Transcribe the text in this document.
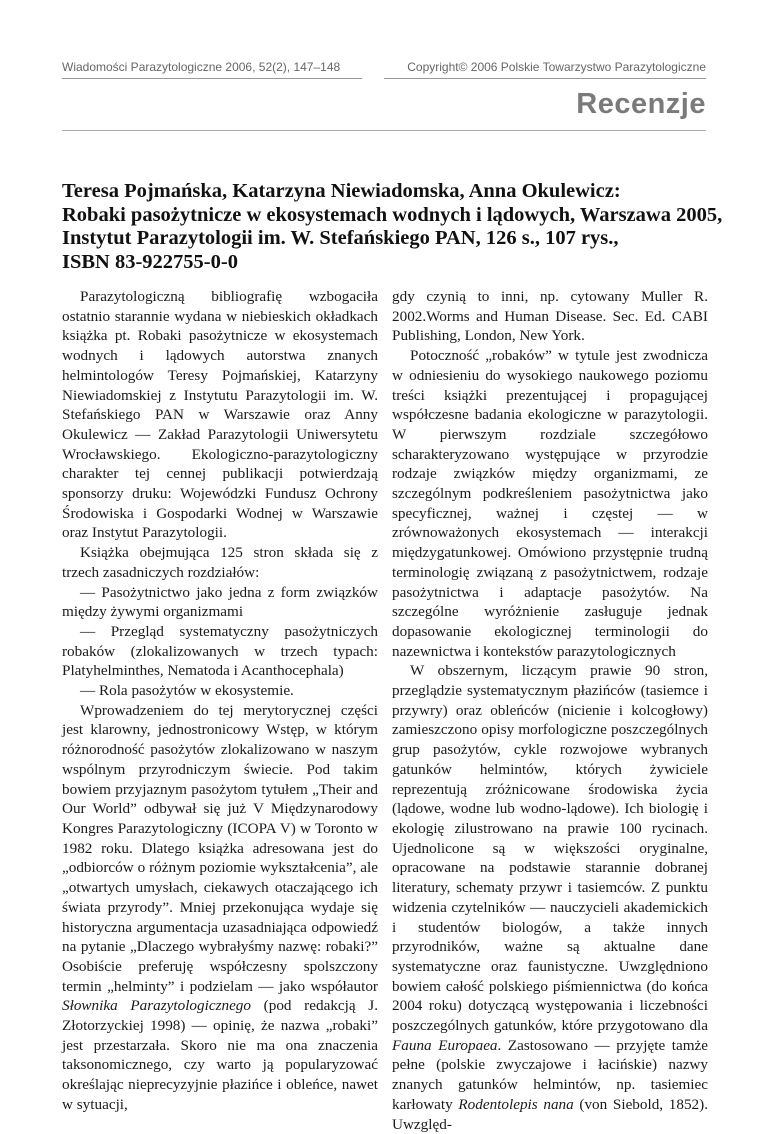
Wiadomości Parazytologiczne 2006, 52(2), 147–148	Copyright© 2006 Polskie Towarzystwo Parazytologiczne
Recenzje
Teresa Pojmańska, Katarzyna Niewiadomska, Anna Okulewicz:
Robaki pasożytnicze w ekosystemach wodnych i lądowych, Warszawa 2005,
Instytut Parazytologii im. W. Stefańskiego PAN, 126 s., 107 rys.,
ISBN 83-922755-0-0

Parazytologiczną bibliografię wzbogaciła ostatnio starannie wydana w niebieskich okładkach książka pt. Robaki pasożytnicze w ekosystemach wodnych i lądowych autorstwa znanych helmintologów Teresy Pojmańskiej, Katarzyny Niewiadomskiej z Instytutu Parazytologii im. W. Stefańskiego PAN w Warszawie oraz Anny Okulewicz — Zakład Parazytologii Uniwersytetu Wrocławskiego. Ekologiczno-parazytologiczny charakter tej cennej publikacji potwierdzają sponsorzy druku: Wojewódzki Fundusz Ochrony Środowiska i Gospodarki Wodnej w Warszawie oraz Instytut Parazytologii.

Książka obejmująca 125 stron składa się z trzech zasadniczych rozdziałów:

— Pasożytnictwo jako jedna z form związków między żywymi organizmami

— Przegląd systematyczny pasożytniczych robaków (zlokalizowanych w trzech typach: Platyhelminthes, Nematoda i Acanthocephala)

— Rola pasożytów w ekosystemie.

Wprowadzeniem do tej merytorycznej części jest klarowny, jednostronicowy Wstęp, w którym różnorodność pasożytów zlokalizowano w naszym wspólnym przyrodniczym świecie. Pod takim bowiem przyjaznym pasożytom tytułem „Their and Our World” odbywał się już V Międzynarodowy Kongres Parazytologiczny (ICOPA V) w Toronto w 1982 roku. Dlatego książka adresowana jest do „odbiorców o różnym poziomie wykształcenia”, ale „otwartych umysłach, ciekawych otaczającego ich świata przyrody”. Mniej przekonująca wydaje się historyczna argumentacja uzasadniająca odpowiedź na pytanie „Dlaczego wybrałyśmy nazwę: robaki?” Osobiście preferuję współczesny spolszczony termin „helminty” i podzielam — jako współautor Słownika Parazytologicznego (pod redakcją J. Złotorzyckiej 1998) — opinię, że nazwa „robaki” jest przestarzała. Skoro nie ma ona znaczenia taksonomicznego, czy warto ją popularyzować określając nieprecyzyjnie płazińce i obleńce, nawet w sytuacji,

gdy czynią to inni, np. cytowany Muller R. 2002.Worms and Human Disease. Sec. Ed. CABI Publishing, London, New York.

Potoczność „robaków” w tytule jest zwodnicza w odniesieniu do wysokiego naukowego poziomu treści książki prezentującej i propagującej współczesne badania ekologiczne w parazytologii. W pierwszym rozdziale szczegółowo scharakteryzowano występujące w przyrodzie rodzaje związków między organizmami, ze szczególnym podkreśleniem pasożytnictwa jako specyficznej, ważnej i częstej — w zrównoważonych ekosystemach — interakcji międzygatunkowej. Omówiono przystępnie trudną terminologię związaną z pasożytnictwem, rodzaje pasożytnictwa i adaptacje pasożytów. Na szczególne wyróżnienie zasługuje jednak dopasowanie ekologicznej terminologii do nazewnictwa i kontekstów parazytologicznych

W obszernym, liczącym prawie 90 stron, przeglądzie systematycznym płazińców (tasiemce i przywry) oraz obleńców (nicienie i kolcogłowy) zamieszczono opisy morfologiczne poszczególnych grup pasożytów, cykle rozwojowe wybranych gatunków helmintów, których żywiciele reprezentują zróżnicowane środowiska życia (lądowe, wodne lub wodno-lądowe). Ich biologię i ekologię zilustrowano na prawie 100 rycinach. Ujednolicone są w większości oryginalne, opracowane na podstawie starannie dobranej literatury, schematy przywr i tasiemców. Z punktu widzenia czytelników — nauczycieli akademickich i studentów biologów, a także innych przyrodników, ważne są aktualne dane systematyczne oraz faunistyczne. Uwzględniono bowiem całość polskiego piśmiennictwa (do końca 2004 roku) dotyczącą występowania i liczebności poszczególnych gatunków, które przygotowano dla Fauna Europaea. Zastosowano — przyjęte tamże pełne (polskie zwyczajowe i łacińskie) nazwy znanych gatunków helmintów, np. tasiemiec karłowaty Rodentolepis nana (von Siebold, 1852). Uwzględ-
